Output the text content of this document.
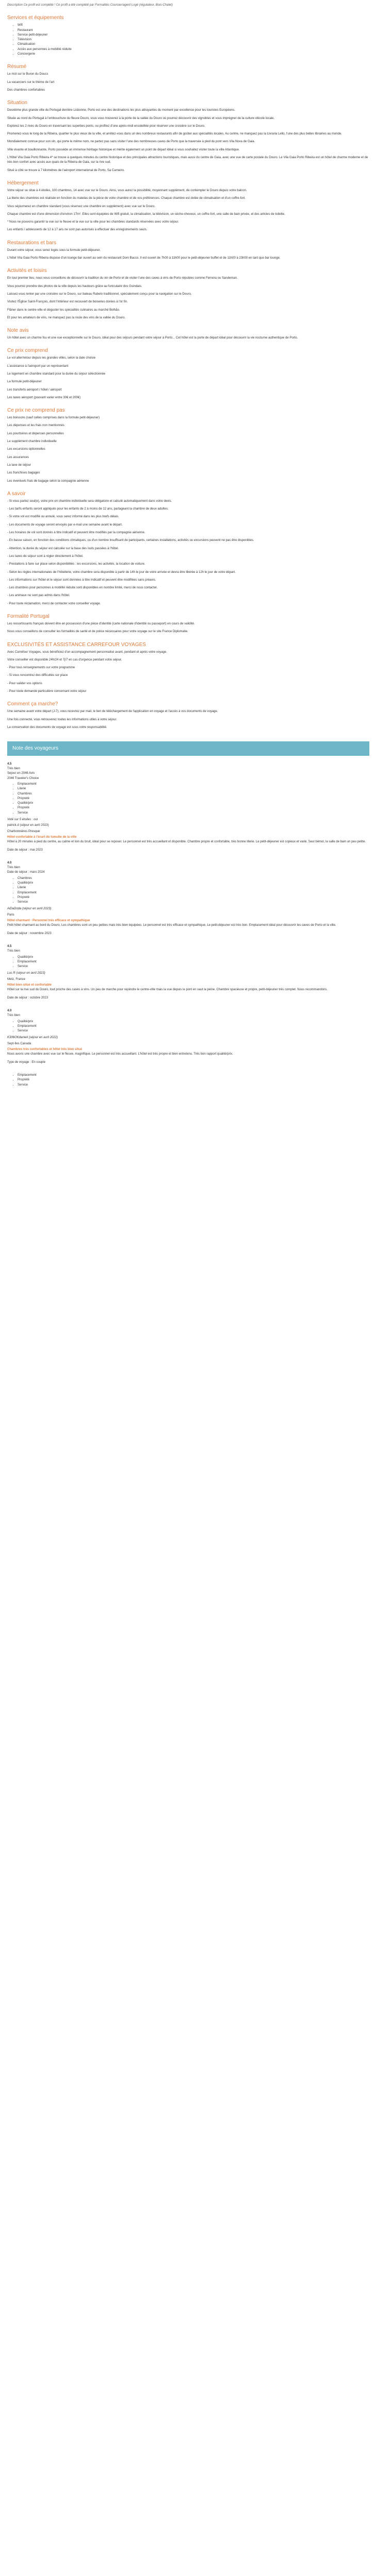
Description Ce profil est complété ! Ce profil a été complété par Formalités Coursier/agent Logé (régulateur, Bois-Chalet)

Services et équipements
• Wifi
• Restaurant
• Service petit-déjeuner
• Télévision
• Climatisation
• Accès aux personnes à mobilité réduite
• Conciergerie
Résumé

Le mot sur le Buron du Doucs

La vacanciers sur le thème de l'art

Des chambres confortables

Situation

Deuxième plus grande ville du Portugal derrière Lisbonne, Porto est une des destinations les plus attrayantes du moment par excellence pour les touristes Européens.

Située au nord du Portugal à l'embouchure du fleuve Douro, vous vous trouverez à la porte de la vallée du Douro où pourrez découvrir des vignobles et vous imprégner de la culture viticole locale.

Explorez les 2 rives du Douro en traversant les superbes ponts, ou profitez d'une après-midi ensoleillée pour réserver une croisière sur le Douro.

Promenez-vous le long de la Ribeira, quartier le plus vieux de la ville, et arrêtez-vous dans un des nombreux restaurants afin de goûter aux spécialités locales. Au centre, ne manquez pas la Livraria Lello, l'une des plus belles librairies au monde.

Mondialement connue pour son vin, qui porte le même nom, ne partez pas sans visiter l'une des nombreuses caves de Porto que la traversée à pied du pont vers Vila Nova de Gaia.

Ville vivante et bouillonnante, Porto possède un immense héritage historique et mérite également un point de départ idéal si vous souhaitez visiter toute la ville Atlantique.

L'Hôtel Vila Gaia Porto Ribeira 4* se trouve à quelques minutes du centre historique et des principales attractions touristiques, mais aussi du centre de Gaia, avec une vue de carte postale du Douro. Le Vila Gaia Porto Ribeira est un hôtel de charme moderne et de très bon confort avec accès aux quais de la Ribeira de Gaia, sur la rive sud.

Situé à côté se trouve à 7 kilomètres de l'aéroport international de Porto, Sa Carneiro.

Hébergement

Votre séjour se situe à 4 étoiles, 100 chambres, 14 avec vue sur le Douro. Ainsi, vous aurez la possibilité, moyennant supplément, de contempler le Douro depuis votre balcon.

La literie des chambres est réalisée en fonction du matelas de la pièce de votre chambre et de vos préférences. Chaque chambre est dotée de climatisation et d'un coffre-fort.

Vous séjournerez en chambre standard (vous réservez une chambre en supplément) avec vue sur le Douro.

Chaque chambre est d'une dimension d'environ 17m². Elles sont équipées de Wifi gratuit, la climatisation, la télévision, un sèche-cheveux, un coffre-fort, une salle de bain privée, et des articles de toilette.

* Nous ne pouvons garantir la vue sur le fleuve et la vue sur la ville pour les chambres standards réservées avec votre séjour.

Les enfants / adolescents de 12 à 17 ans ne sont pas autorisés à effectuer des enregistrements seuls.

Restaurations et bars

Durant votre séjour, vous serez logés sous la formule petit-déjeuner.

L'hôtel Vila Gaia Porto Ribeira dispose d'un lounge bar ouvert au sein du restaurant Dom Bacco. Il est ouvert de 7h00 à 11h00 pour le petit-déjeuner buffet et de 11h00 à 23h00 en tant que bar lounge.

Activités et loisirs

En tout premier lieu, nous vous conseillons de découvrir la tradition du vin de Porto et de visiter l'une des caves à vins de Porto réputées comme Ferreira ou Sandeman.

Vous pourrez prendre des photos de la ville depuis les hauteurs grâce au funiculaire dos Guindais.

Laissez-vous tenter par une croisière sur le Douro, sur bateau Rabelo traditionnel, spécialement conçu pour la navigation sur le Douro.

Visitez l'Église Saint-François, dont l'intérieur est recouvert de boiseries dorées à l'or fin.

Flâner dans le centre-ville et déguster les spécialités culinaires au marché Bolhão.

Et pour les amateurs de vins, ne manquez pas la route des vins de la vallée du Douro.

Note avis

Un hôtel avec un charme fou et une vue exceptionnelle sur le Douro, idéal pour des séjours pendant votre séjour à Porto... Cet hôtel est la porte de départ idéal pour découvrir la vie nocturne authentique de Porto.

Ce prix comprend

Le vol aller/retour depuis les grandes villes, selon la date choisie

L'assistance à l'aéroport par un représentant

Le logement en chambre standard pour la durée du séjour sélectionnée

La formule petit-déjeuner

Les transferts aéroport / hôtel / aéroport

Les taxes aéroport (pouvant varier entre 30€ et 200€)

Ce prix ne comprend pas

Les boissons (sauf celles comprises dans la formule petit-déjeuner)

Les dépenses et les frais non mentionnés

Les pourboires et dépenses personnelles

Le supplément chambre individuelle

Les excursions optionnelles

Les assurances

La taxe de séjour

Les franchises bagages

Les éventuels frais de bagage selon la compagnie aérienne

A savoir

- Si vous partez seul(e), votre prix en chambre individuelle sera obligatoire et calculé automatiquement dans votre devis.

- Les tarifs enfants seront appliqués pour les enfants de 2 à moins de 12 ans, partageant la chambre de deux adultes.

- Si votre vol est modifié ou annulé, vous serez informé dans les plus brefs délais.

- Les documents de voyage seront envoyés par e-mail une semaine avant le départ.

- Les horaires de vol sont donnés à titre indicatif et peuvent être modifiés par la compagnie aérienne.

- En basse saison, en fonction des conditions climatiques, ou d'un nombre insuffisant de participants, certaines installations, activités ou excursions peuvent ne pas être disponibles.

- Attention, la durée du séjour est calculée sur la base des nuits passées à l'hôtel.

- Les taxes de séjour sont à régler directement à l'hôtel.

- Prestations à faire sur place selon disponibilités : les excursions, les activités, la location de voiture.

- Selon les règles internationales de l'hôtellerie, votre chambre sera disponible à partir de 14h le jour de votre arrivée et devra être libérée à 12h le jour de votre départ.

- Les informations sur l'hôtel et le séjour sont données à titre indicatif et peuvent être modifiées sans préavis.

- Les chambres pour personnes à mobilité réduite sont disponibles en nombre limité, merci de nous contacter.

- Les animaux ne sont pas admis dans l'hôtel.

- Pour toute réclamation, merci de contacter votre conseiller voyage.

Formalité Portugal

Les ressortissants français doivent être en possession d'une pièce d'identité (carte nationale d'identité ou passeport) en cours de validité.

Nous vous conseillons de consulter les formalités de santé et de police nécessaires pour votre voyage sur le site France Diplomatie.

EXCLUSIVITÉS ET ASSISTANCE CARREFOUR VOYAGES

Avec Carrefour Voyages, vous bénéficiez d'un accompagnement personnalisé avant, pendant et après votre voyage.

Votre conseiller est disponible 24h/24 et 7j/7 en cas d'urgence pendant votre séjour.

- Pour tous renseignements sur votre programme

- Si vous rencontrez des difficultés sur place

- Pour valider vos options

- Pour toute demande particulière concernant votre séjour

Comment ça marche?

Une semaine avant votre départ (J-7), vous recevrez par mail, le lien de téléchargement de l'application en voyage et l'accès à vos documents de voyage.

Une fois connecté, vous retrouverez toutes les informations utiles à votre séjour.

La conservation des documents de voyage est sous votre responsabilité.

Note des voyageurs

4.5

Très bien

Sejour en 2046 Avis

2046 Traveler's Choice

• Emplacement
• Literie
• Chambres
• Propreté
• Qualité/prix
• Propreté
• Service

Voté sur 5 étoiles : oui

patrick.d (séjour en avril 2023)

Charbonnières Presque

Hôtel confortable à l'écart du tumulte de la ville

Hôtel à 20 minutes à pied du centre, au calme et loin du bruit, idéal pour se reposer. Le personnel est très accueillant et disponible. Chambre propre et confortable, très bonne literie. Le petit-déjeuner est copieux et varié. Seul bémol, la salle de bain un peu petite.

Date de séjour : mai 2023

4.0

Très bien

Date de séjour : mars 2024

• Chambres
• Qualité/prix
• Literie
• Emplacement
• Propreté
• Service

AiDaDoda (séjour en avril 2023)

Paris

Hôtel charmant - Personnel très efficace et sympathique

Petit hôtel charmant au bord du Douro. Les chambres sont un peu petites mais très bien équipées. Le personnel est très efficace et sympathique. Le petit-déjeuner est très bon. Emplacement idéal pour découvrir les caves de Porto et la ville.

Date de séjour : novembre 2023

4.5

Très bien

• Qualité/prix
• Emplacement
• Service

Luc.R (séjour en avril 2023)

Metz, France

Hôtel bien situé et confortable

Hôtel sur la rive sud du Douro, tout proche des caves à vins. Un peu de marche pour rejoindre le centre-ville mais la vue depuis le pont en vaut la peine. Chambre spacieuse et propre, petit-déjeuner très complet. Nous recommandons.

Date de séjour : octobre 2023

4.0

Très bien

• Qualité/prix
• Emplacement
• Service

K306OKdanieli (séjour en avril 2022)

Sept-îles Canada

Chambres très confortables et hôtel très bien situé

Nous avons une chambre avec vue sur le fleuve, magnifique. Le personnel est très accueillant. L'hôtel est très propre et bien entretenu. Très bon rapport qualité/prix.

Type de voyage : En couple

• Emplacement
• Propreté
• Service
